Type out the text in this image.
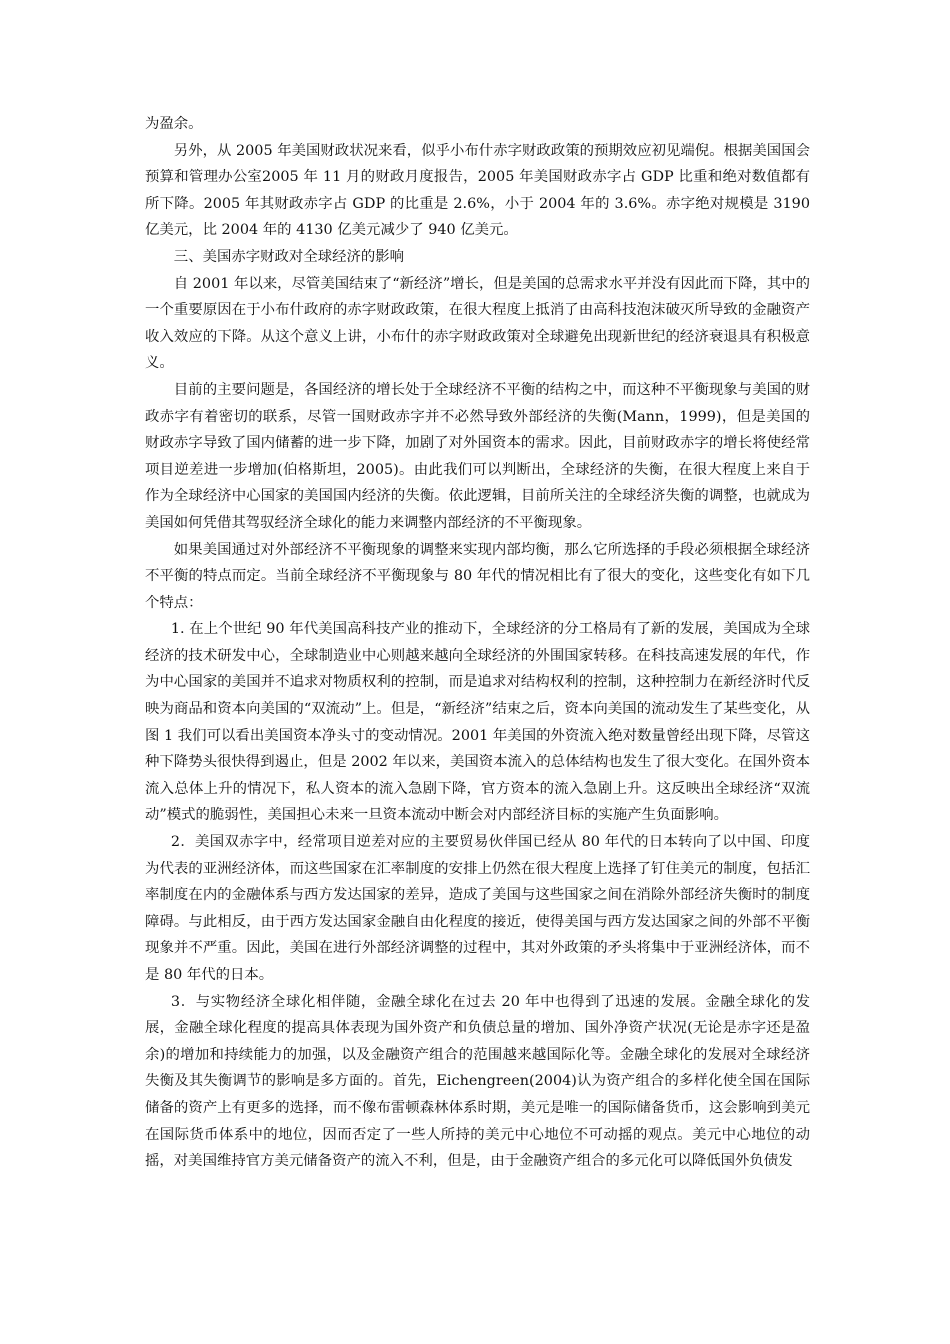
为盈余。

另外，从 2005 年美国财政状况来看，似乎小布什赤字财政政策的预期效应初见端倪。根据美国国会预算和管理办公室2005 年 11 月的财政月度报告，2005 年美国财政赤字占 GDP 比重和绝对数值都有所下降。2005 年其财政赤字占 GDP 的比重是 2.6%，小于 2004 年的 3.6%。赤字绝对规模是 3190 亿美元，比 2004 年的 4130 亿美元减少了 940 亿美元。

三、美国赤字财政对全球经济的影响

自 2001 年以来，尽管美国结束了“新经济”增长，但是美国的总需求水平并没有因此而下降，其中的一个重要原因在于小布什政府的赤字财政政策，在很大程度上抵消了由高科技泡沫破灭所导致的金融资产收入效应的下降。从这个意义上讲，小布什的赤字财政政策对全球避免出现新世纪的经济衰退具有积极意义。

目前的主要问题是，各国经济的增长处于全球经济不平衡的结构之中，而这种不平衡现象与美国的财政赤字有着密切的联系，尽管一国财政赤字并不必然导致外部经济的失衡(Mann，1999)，但是美国的财政赤字导致了国内储蓄的进一步下降，加剧了对外国资本的需求。因此，目前财政赤字的增长将使经常项目逆差进一步增加(伯格斯坦，2005)。由此我们可以判断出，全球经济的失衡，在很大程度上来自于作为全球经济中心国家的美国国内经济的失衡。依此逻辑，目前所关注的全球经济失衡的调整，也就成为美国如何凭借其驾驭经济全球化的能力来调整内部经济的不平衡现象。

如果美国通过对外部经济不平衡现象的调整来实现内部均衡，那么它所选择的手段必须根据全球经济不平衡的特点而定。当前全球经济不平衡现象与 80 年代的情况相比有了很大的变化，这些变化有如下几个特点：

1. 在上个世纪 90 年代美国高科技产业的推动下，全球经济的分工格局有了新的发展，美国成为全球经济的技术研发中心，全球制造业中心则越来越向全球经济的外围国家转移。在科技高速发展的年代，作为中心国家的美国并不追求对物质权利的控制，而是追求对结构权利的控制，这种控制力在新经济时代反映为商品和资本向美国的“双流动”上。但是，“新经济”结束之后，资本向美国的流动发生了某些变化，从图 1 我们可以看出美国资本净头寸的变动情况。2001 年美国的外资流入绝对数量曾经出现下降，尽管这种下降势头很快得到遏止，但是 2002 年以来，美国资本流入的总体结构也发生了很大变化。在国外资本流入总体上升的情况下，私人资本的流入急剧下降，官方资本的流入急剧上升。这反映出全球经济“双流动”模式的脆弱性，美国担心未来一旦资本流动中断会对内部经济目标的实施产生负面影响。

2．美国双赤字中，经常项目逆差对应的主要贸易伙伴国已经从 80 年代的日本转向了以中国、印度为代表的亚洲经济体，而这些国家在汇率制度的安排上仍然在很大程度上选择了钉住美元的制度，包括汇率制度在内的金融体系与西方发达国家的差异，造成了美国与这些国家之间在消除外部经济失衡时的制度障碍。与此相反，由于西方发达国家金融自由化程度的接近，使得美国与西方发达国家之间的外部不平衡现象并不严重。因此，美国在进行外部经济调整的过程中，其对外政策的矛头将集中于亚洲经济体，而不是 80 年代的日本。

3．与实物经济全球化相伴随，金融全球化在过去 20 年中也得到了迅速的发展。金融全球化的发展，金融全球化程度的提高具体表现为国外资产和负债总量的增加、国外净资产状况(无论是赤字还是盈余)的增加和持续能力的加强，以及金融资产组合的范围越来越国际化等。金融全球化的发展对全球经济失衡及其失衡调节的影响是多方面的。首先，Eichengreen(2004)认为资产组合的多样化使全国在国际储备的资产上有更多的选择，而不像布雷顿森林体系时期，美元是唯一的国际储备货币，这会影响到美元在国际货币体系中的地位，因而否定了一些人所持的美元中心地位不可动摇的观点。美元中心地位的动摇，对美国维持官方美元储备资产的流入不利，但是，由于金融资产组合的多元化可以降低国外负债发
